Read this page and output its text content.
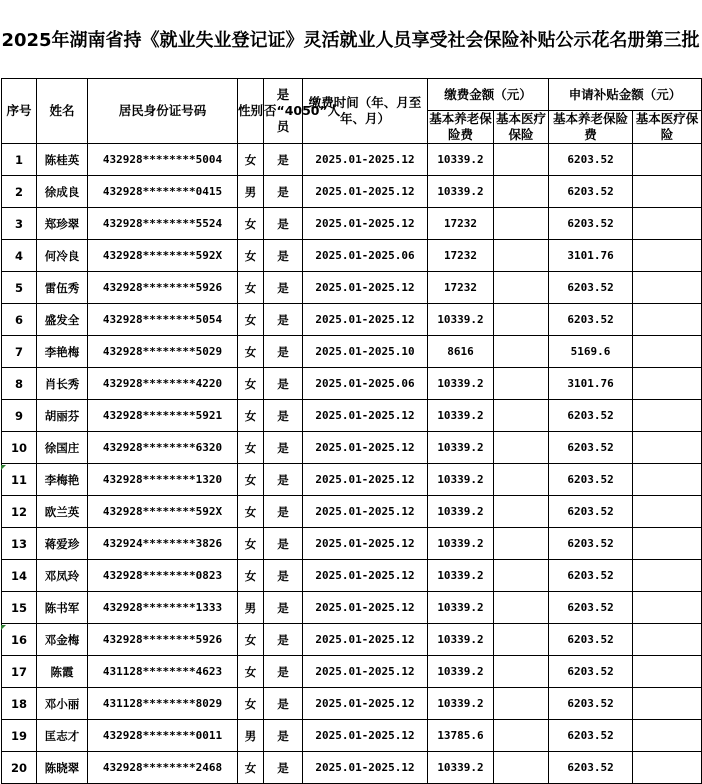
2025年湖南省持《就业失业登记证》灵活就业人员享受社会保险补贴公示花名册第三批
序号	姓名	居民身份证号码	性别	是否“4050”人员	缴费时间（年、月至年、月）	缴费金额（元）		申请补贴金额（元）	
						基本养老保险费	基本医疗保险	基本养老保险费	基本医疗保险
1	陈桂英	432928********5004	女	是	2025.01-2025.12	10339.2		6203.52	
2	徐成良	432928********0415	男	是	2025.01-2025.12	10339.2		6203.52	
3	郑珍翠	432928********5524	女	是	2025.01-2025.12	17232		6203.52	
4	何冷良	432928********592X	女	是	2025.01-2025.06	17232		3101.76	
5	雷伍秀	432928********5926	女	是	2025.01-2025.12	17232		6203.52	
6	盛发全	432928********5054	女	是	2025.01-2025.12	10339.2		6203.52	
7	李艳梅	432928********5029	女	是	2025.01-2025.10	8616		5169.6	
8	肖长秀	432928********4220	女	是	2025.01-2025.06	10339.2		3101.76	
9	胡丽芬	432928********5921	女	是	2025.01-2025.12	10339.2		6203.52	
10	徐国庄	432928********6320	女	是	2025.01-2025.12	10339.2		6203.52	
11	李梅艳	432928********1320	女	是	2025.01-2025.12	10339.2		6203.52	
12	欧兰英	432928********592X	女	是	2025.01-2025.12	10339.2		6203.52	
13	蒋爱珍	432924********3826	女	是	2025.01-2025.12	10339.2		6203.52	
14	邓凤玲	432928********0823	女	是	2025.01-2025.12	10339.2		6203.52	
15	陈书军	432928********1333	男	是	2025.01-2025.12	10339.2		6203.52	
16	邓金梅	432928********5926	女	是	2025.01-2025.12	10339.2		6203.52	
17	陈霞	431128********4623	女	是	2025.01-2025.12	10339.2		6203.52	
18	邓小丽	431128********8029	女	是	2025.01-2025.12	10339.2		6203.52	
19	匡志才	432928********0011	男	是	2025.01-2025.12	13785.6		6203.52	
20	陈晓翠	432928********2468	女	是	2025.01-2025.12	10339.2		6203.52	
